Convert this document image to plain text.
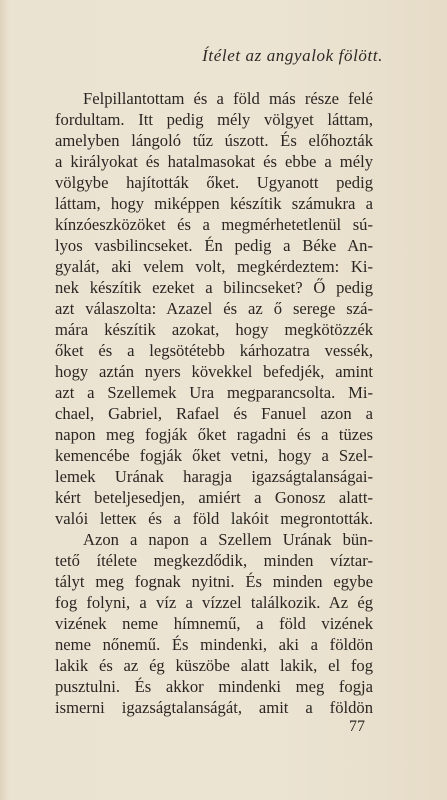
Ítélet az angyalok fölött.
Felpillantottam és a föld más része felé
fordultam. Itt pedig mély völgyet láttam,
amelyben lángoló tűz úszott. És előhozták
a királyokat és hatalmasokat és ebbe a mély
völgybe hajították őket. Ugyanott pedig
láttam, hogy miképpen készítik számukra a
kínzóeszközöket és a megmérhetetlenül sú-
lyos vasbilincseket. Én pedig a Béke An-
gyalát, aki velem volt, megkérdeztem: Ki-
nek készítik ezeket a bilincseket? Ő pedig
azt válaszolta: Azazel és az ő serege szá-
mára készítik azokat, hogy megkötözzék
őket és a legsötétebb kárhozatra vessék,
hogy aztán nyers kövekkel befedjék, amint
azt a Szellemek Ura megparancsolta. Mi-
chael, Gabriel, Rafael és Fanuel azon a
napon meg fogják őket ragadni és a tüzes
kemencébe fogják őket vetni, hogy a Szel-
lemek Urának haragja igazságtalanságai-
kért beteljesedjen, amiért a Gonosz alatt-
valói letteк és a föld lakóit megrontották.
Azon a napon a Szellem Urának bün-
tető ítélete megkezdődik, minden víztar-
tályt meg fognak nyitni. És minden egybe
fog folyni, a víz a vízzel találkozik. Az ég
vizének neme hímnemű, a föld vizének
neme nőnemű. És mindenki, aki a földön
lakik és az ég küszöbe alatt lakik, el fog
pusztulni. És akkor mindenki meg fogja
ismerni igazságtalanságát, amit a földön
77
